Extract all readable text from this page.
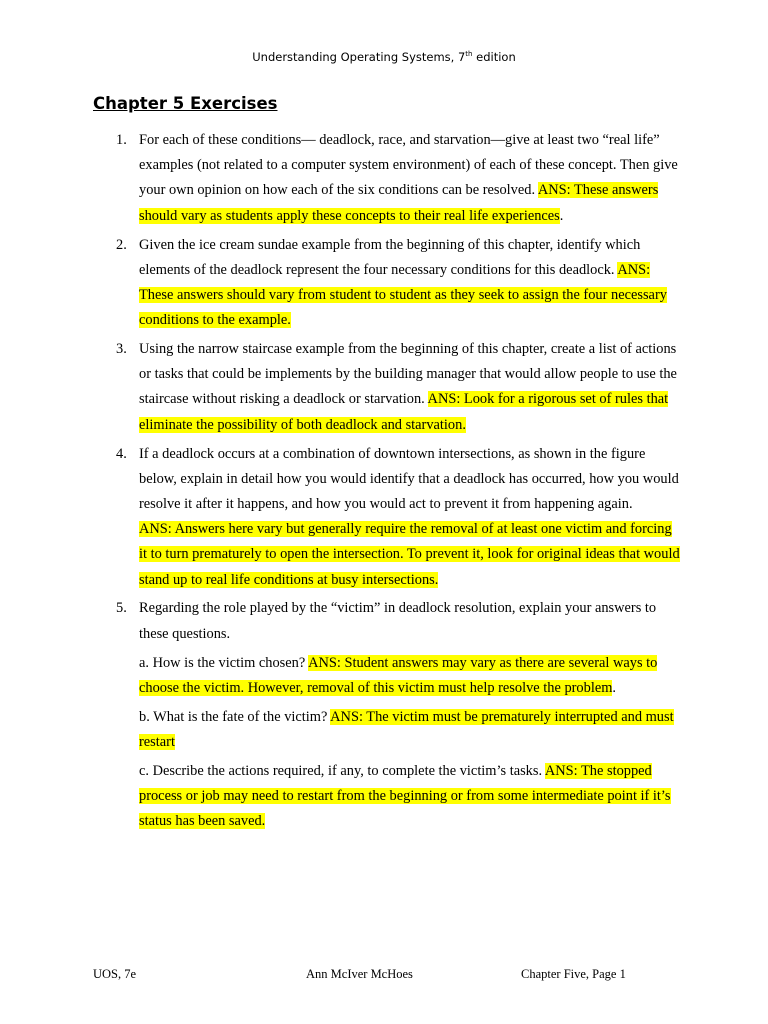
Understanding Operating Systems, 7th edition
Chapter 5 Exercises
1. For each of these conditions— deadlock, race, and starvation—give at least two “real life” examples (not related to a computer system environment) of each of these concept. Then give your own opinion on how each of the six conditions can be resolved. ANS: These answers should vary as students apply these concepts to their real life experiences.
2. Given the ice cream sundae example from the beginning of this chapter, identify which elements of the deadlock represent the four necessary conditions for this deadlock. ANS: These answers should vary from student to student as they seek to assign the four necessary conditions to the example.
3. Using the narrow staircase example from the beginning of this chapter, create a list of actions or tasks that could be implements by the building manager that would allow people to use the staircase without risking a deadlock or starvation. ANS: Look for a rigorous set of rules that eliminate the possibility of both deadlock and starvation.
4. If a deadlock occurs at a combination of downtown intersections, as shown in the figure below, explain in detail how you would identify that a deadlock has occurred, how you would resolve it after it happens, and how you would act to prevent it from happening again.ANS: Answers here vary but generally require the removal of at least one victim and forcing it to turn prematurely to open the intersection. To prevent it, look for original ideas that would stand up to real life conditions at busy intersections.
5. Regarding the role played by the “victim” in deadlock resolution, explain your answers to these questions.
a. How is the victim chosen? ANS: Student answers may vary as there are several ways to choose the victim. However, removal of this victim must help resolve the problem.
b. What is the fate of the victim? ANS: The victim must be prematurely interrupted and must restart
c. Describe the actions required, if any, to complete the victim’s tasks. ANS: The stopped process or job may need to restart from the beginning or from some intermediate point if it’s status has been saved.
UOS, 7e	Ann McIver McHoes	Chapter Five, Page 1
